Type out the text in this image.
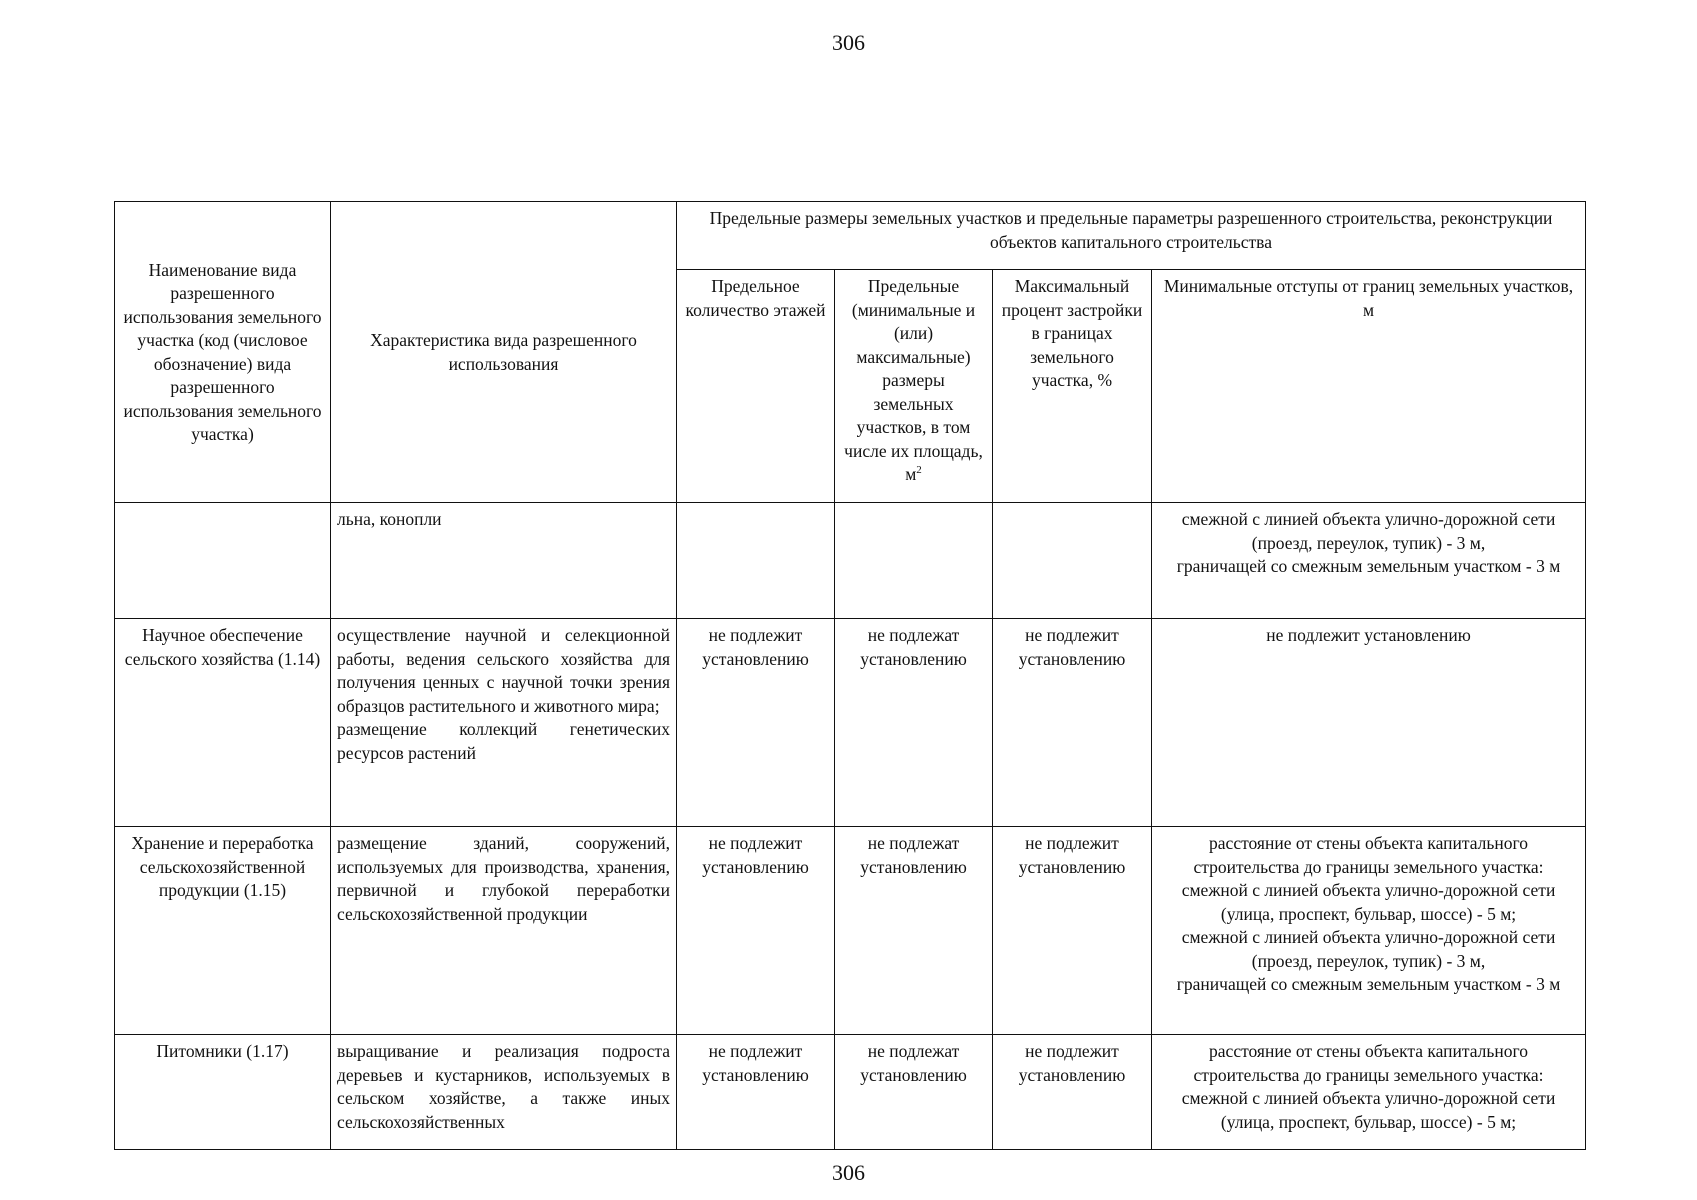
306
Наименование вида разрешенного использования земельного участка (код (числовое обозначение) вида разрешенного использования земельного участка)	Характеристика вида разрешенного использования	Предельные размеры земельных участков и предельные параметры разрешенного строительства, реконструкции объектов капитального строительства			
		Предельное количество этажей	Предельные (минимальные и (или) максимальные) размеры земельных участков, в том числе их площадь, $м^2$	Максимальный процент застройки в границах земельного участка, %	Минимальные отступы от границ земельных участков, м
	льна, конопли				смежной с линией объекта улично-дорожной сети (проезд, переулок, тупик) - 3 м,
граничащей со смежным земельным участком - 3 м
Научное обеспечение сельского хозяйства (1.14)	осуществление научной и селекционной работы, ведения сельского хозяйства для получения ценных с научной точки зрения образцов растительного и животного мира;
размещение коллекций генетических ресурсов растений	не подлежит установлению	не подлежат установлению	не подлежит установлению	не подлежит установлению
Хранение и переработка сельскохозяйственной продукции (1.15)	размещение зданий, сооружений, используемых для производства, хранения, первичной и глубокой переработки сельскохозяйственной продукции	не подлежит установлению	не подлежат установлению	не подлежит установлению	расстояние от стены объекта капитального строительства до границы земельного участка:
смежной с линией объекта улично-дорожной сети (улица, проспект, бульвар, шоссе) - 5 м;
смежной с линией объекта улично-дорожной сети (проезд, переулок, тупик) - 3 м,
граничащей со смежным земельным участком - 3 м
Питомники (1.17)	выращивание и реализация подроста деревьев и кустарников, используемых в сельском хозяйстве, а также иных сельскохозяйственных	не подлежит установлению	не подлежат установлению	не подлежит установлению	расстояние от стены объекта капитального строительства до границы земельного участка:
смежной с линией объекта улично-дорожной сети (улица, проспект, бульвар, шоссе) - 5 м;
306
